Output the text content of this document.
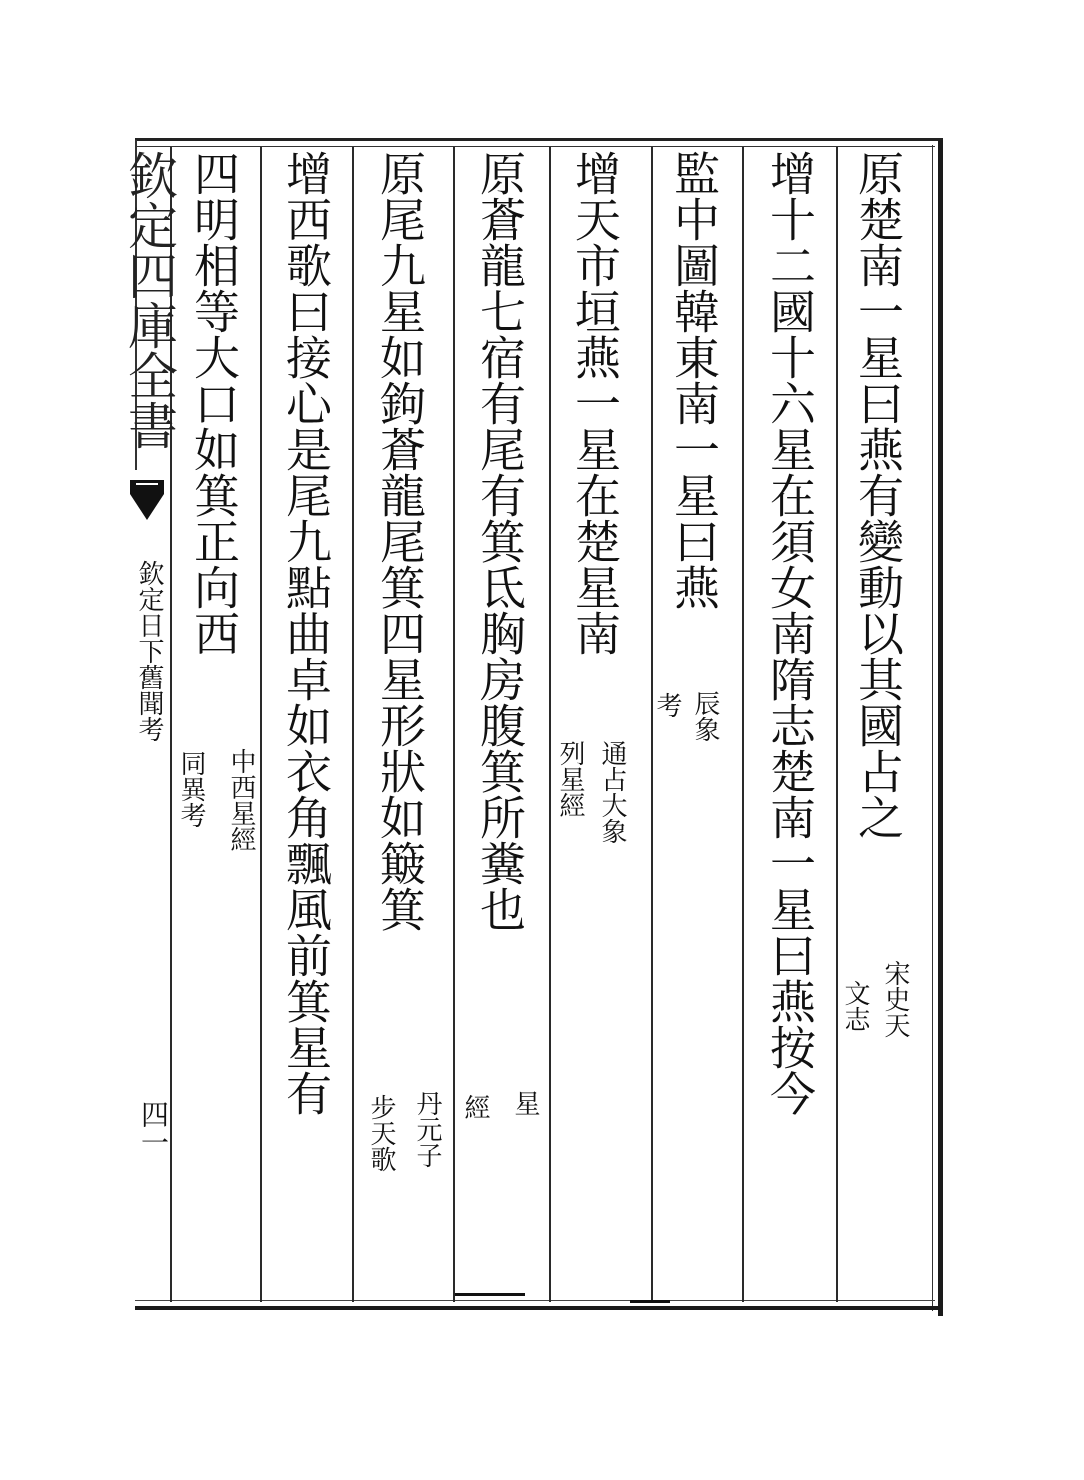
欽定四庫全書
欽定日下舊聞考
四一
原楚南一星曰燕有變動以其國占之
宋史天
文志
增十二國十六星在須女南隋志楚南一星曰燕按今
監中圖韓東南一星曰燕
辰象
考
增天市垣燕一星在楚星南
通占大象
列星經
原蒼龍七宿有尾有箕氐胸房腹箕所糞也
星
經
原尾九星如鉤蒼龍尾箕四星形狀如簸箕
丹元子
步天歌
增西歌曰接心是尾九點曲卓如衣角飄風前箕星有
四明相等大口如箕正向西
中西星經
同異考
